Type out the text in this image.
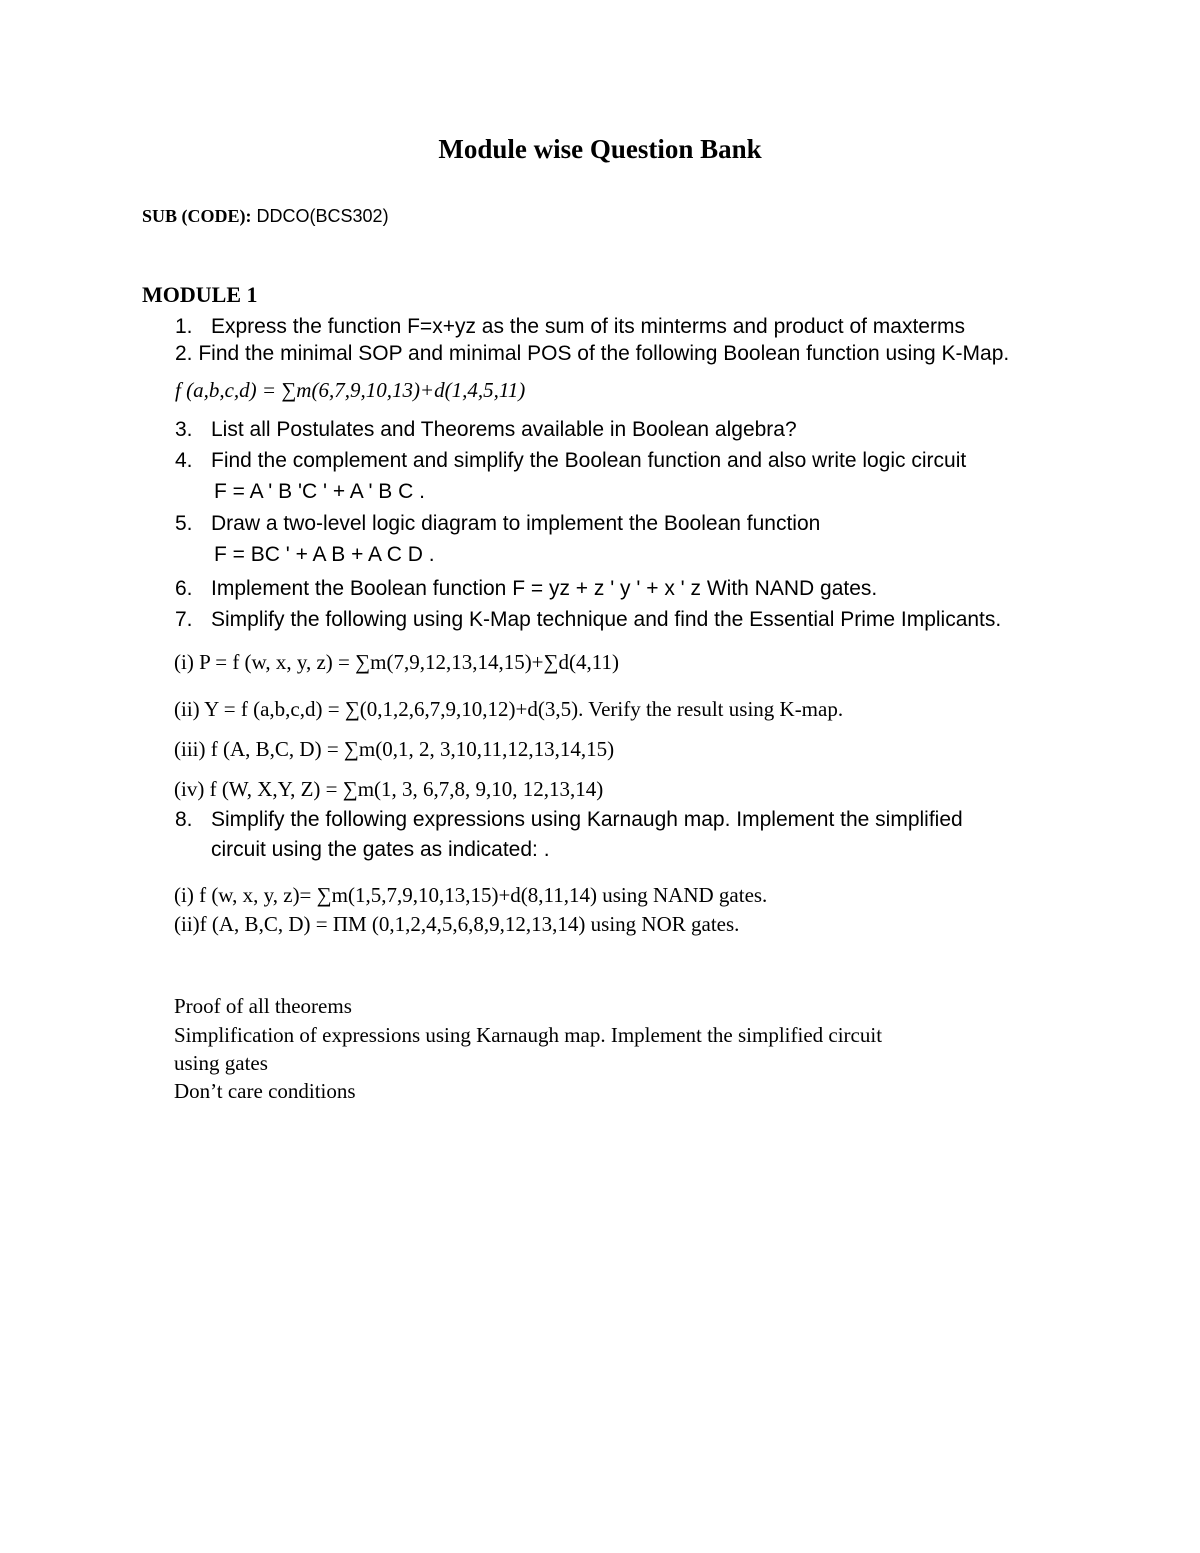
Module wise Question Bank
SUB (CODE): DDCO(BCS302)
MODULE 1
1. Express the function F=x+yz as the sum of its minterms and product of maxterms
2. Find the minimal SOP and minimal POS of the following Boolean function using K-Map.
f (a,b,c,d) = ∑m(6,7,9,10,13)+d(1,4,5,11)
3. List all Postulates and Theorems available in Boolean algebra?
4. Find the complement and simplify the Boolean function and also write logic circuit
F = A ' B 'C ' + A ' B C .
5. Draw a two-level logic diagram to implement the Boolean function
F = BC ' + A B + A C D .
6. Implement the Boolean function F = yz + z ' y ' + x ' z With NAND gates.
7. Simplify the following using K-Map technique and find the Essential Prime Implicants.
(i) P = f (w, x, y, z) = ∑m(7,9,12,13,14,15)+∑d(4,11)
(ii) Y = f (a,b,c,d) = ∑(0,1,2,6,7,9,10,12)+d(3,5). Verify the result using K-map.
(iii) f (A, B,C, D) = ∑m(0,1, 2, 3,10,11,12,13,14,15)
(iv) f (W, X,Y, Z) = ∑m(1, 3, 6,7,8, 9,10, 12,13,14)
8. Simplify the following expressions using Karnaugh map. Implement the simplified
circuit using the gates as indicated: .
(i) f (w, x, y, z)= ∑m(1,5,7,9,10,13,15)+d(8,11,14) using NAND gates.
(ii)f (A, B,C, D) = ΠM (0,1,2,4,5,6,8,9,12,13,14) using NOR gates.
Proof of all theorems
Simplification of expressions using Karnaugh map. Implement the simplified circuit
using gates
Don’t care conditions
